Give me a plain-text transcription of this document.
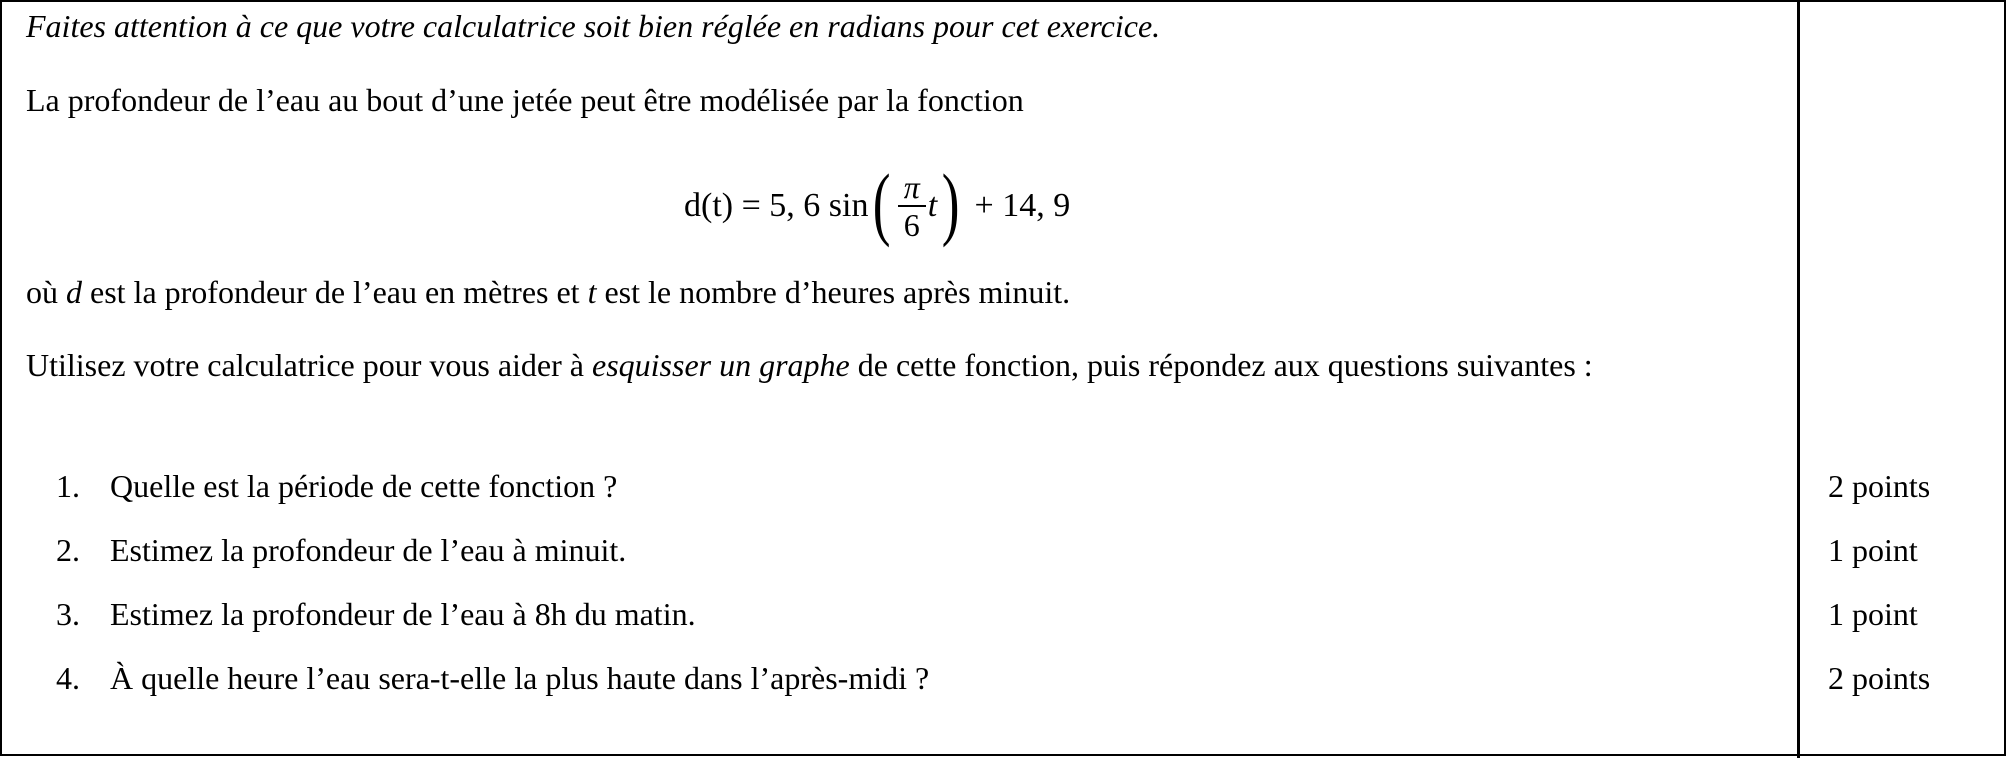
Faites attention à ce que votre calculatrice soit bien réglée en radians pour cet exercice.
La profondeur de l’eau au bout d’une jetée peut être modélisée par la fonction
d(t) = 5, 6 sin ( $\frac{\pi}{6}$ t ) + 14, 9
où d est la profondeur de l’eau en mètres et t est le nombre d’heures après minuit.
Utilisez votre calculatrice pour vous aider à esquisser un graphe de cette fonction, puis répondez aux questions suivantes :
1. Quelle est la période de cette fonction ?	2 points
2. Estimez la profondeur de l’eau à minuit.	1 point
3. Estimez la profondeur de l’eau à 8h du matin.	1 point
4. À quelle heure l’eau sera-t-elle la plus haute dans l’après-midi ?	2 points
